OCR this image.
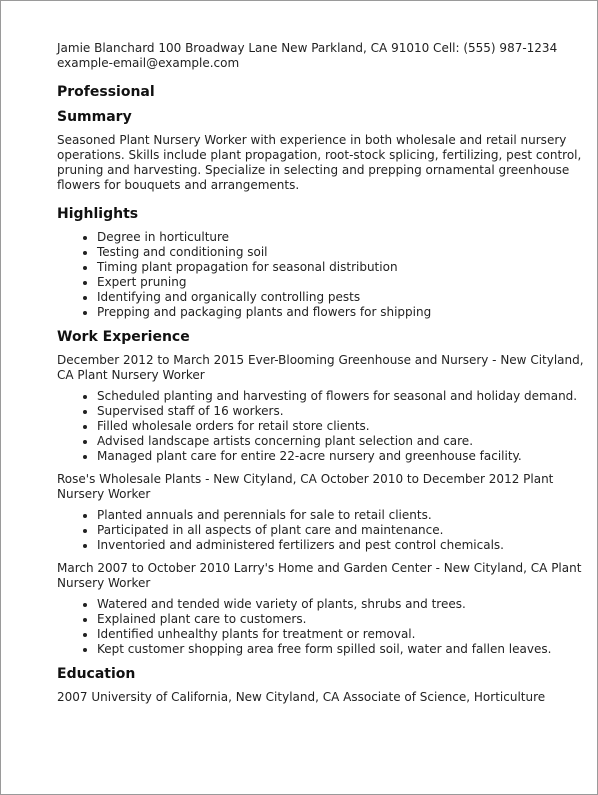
Jamie Blanchard 100 Broadway Lane New Parkland, CA 91010 Cell: (555) 987-1234 example-email@example.com

Professional
Summary

Seasoned Plant Nursery Worker with experience in both wholesale and retail nursery operations. Skills include plant propagation, root-stock splicing, fertilizing, pest control, pruning and harvesting. Specialize in selecting and prepping ornamental greenhouse flowers for bouquets and arrangements.

Highlights
• Degree in horticulture
• Testing and conditioning soil
• Timing plant propagation for seasonal distribution
• Expert pruning
• Identifying and organically controlling pests
• Prepping and packaging plants and flowers for shipping
Work Experience

December 2012 to March 2015 Ever-Blooming Greenhouse and Nursery - New Cityland, CA Plant Nursery Worker

• Scheduled planting and harvesting of flowers for seasonal and holiday demand.
• Supervised staff of 16 workers.
• Filled wholesale orders for retail store clients.
• Advised landscape artists concerning plant selection and care.
• Managed plant care for entire 22-acre nursery and greenhouse facility.

Rose's Wholesale Plants - New Cityland, CA October 2010 to December 2012 Plant Nursery Worker

• Planted annuals and perennials for sale to retail clients.
• Participated in all aspects of plant care and maintenance.
• Inventoried and administered fertilizers and pest control chemicals.

March 2007 to October 2010 Larry's Home and Garden Center - New Cityland, CA Plant Nursery Worker

• Watered and tended wide variety of plants, shrubs and trees.
• Explained plant care to customers.
• Identified unhealthy plants for treatment or removal.
• Kept customer shopping area free form spilled soil, water and fallen leaves.
Education

2007 University of California, New Cityland, CA Associate of Science, Horticulture
